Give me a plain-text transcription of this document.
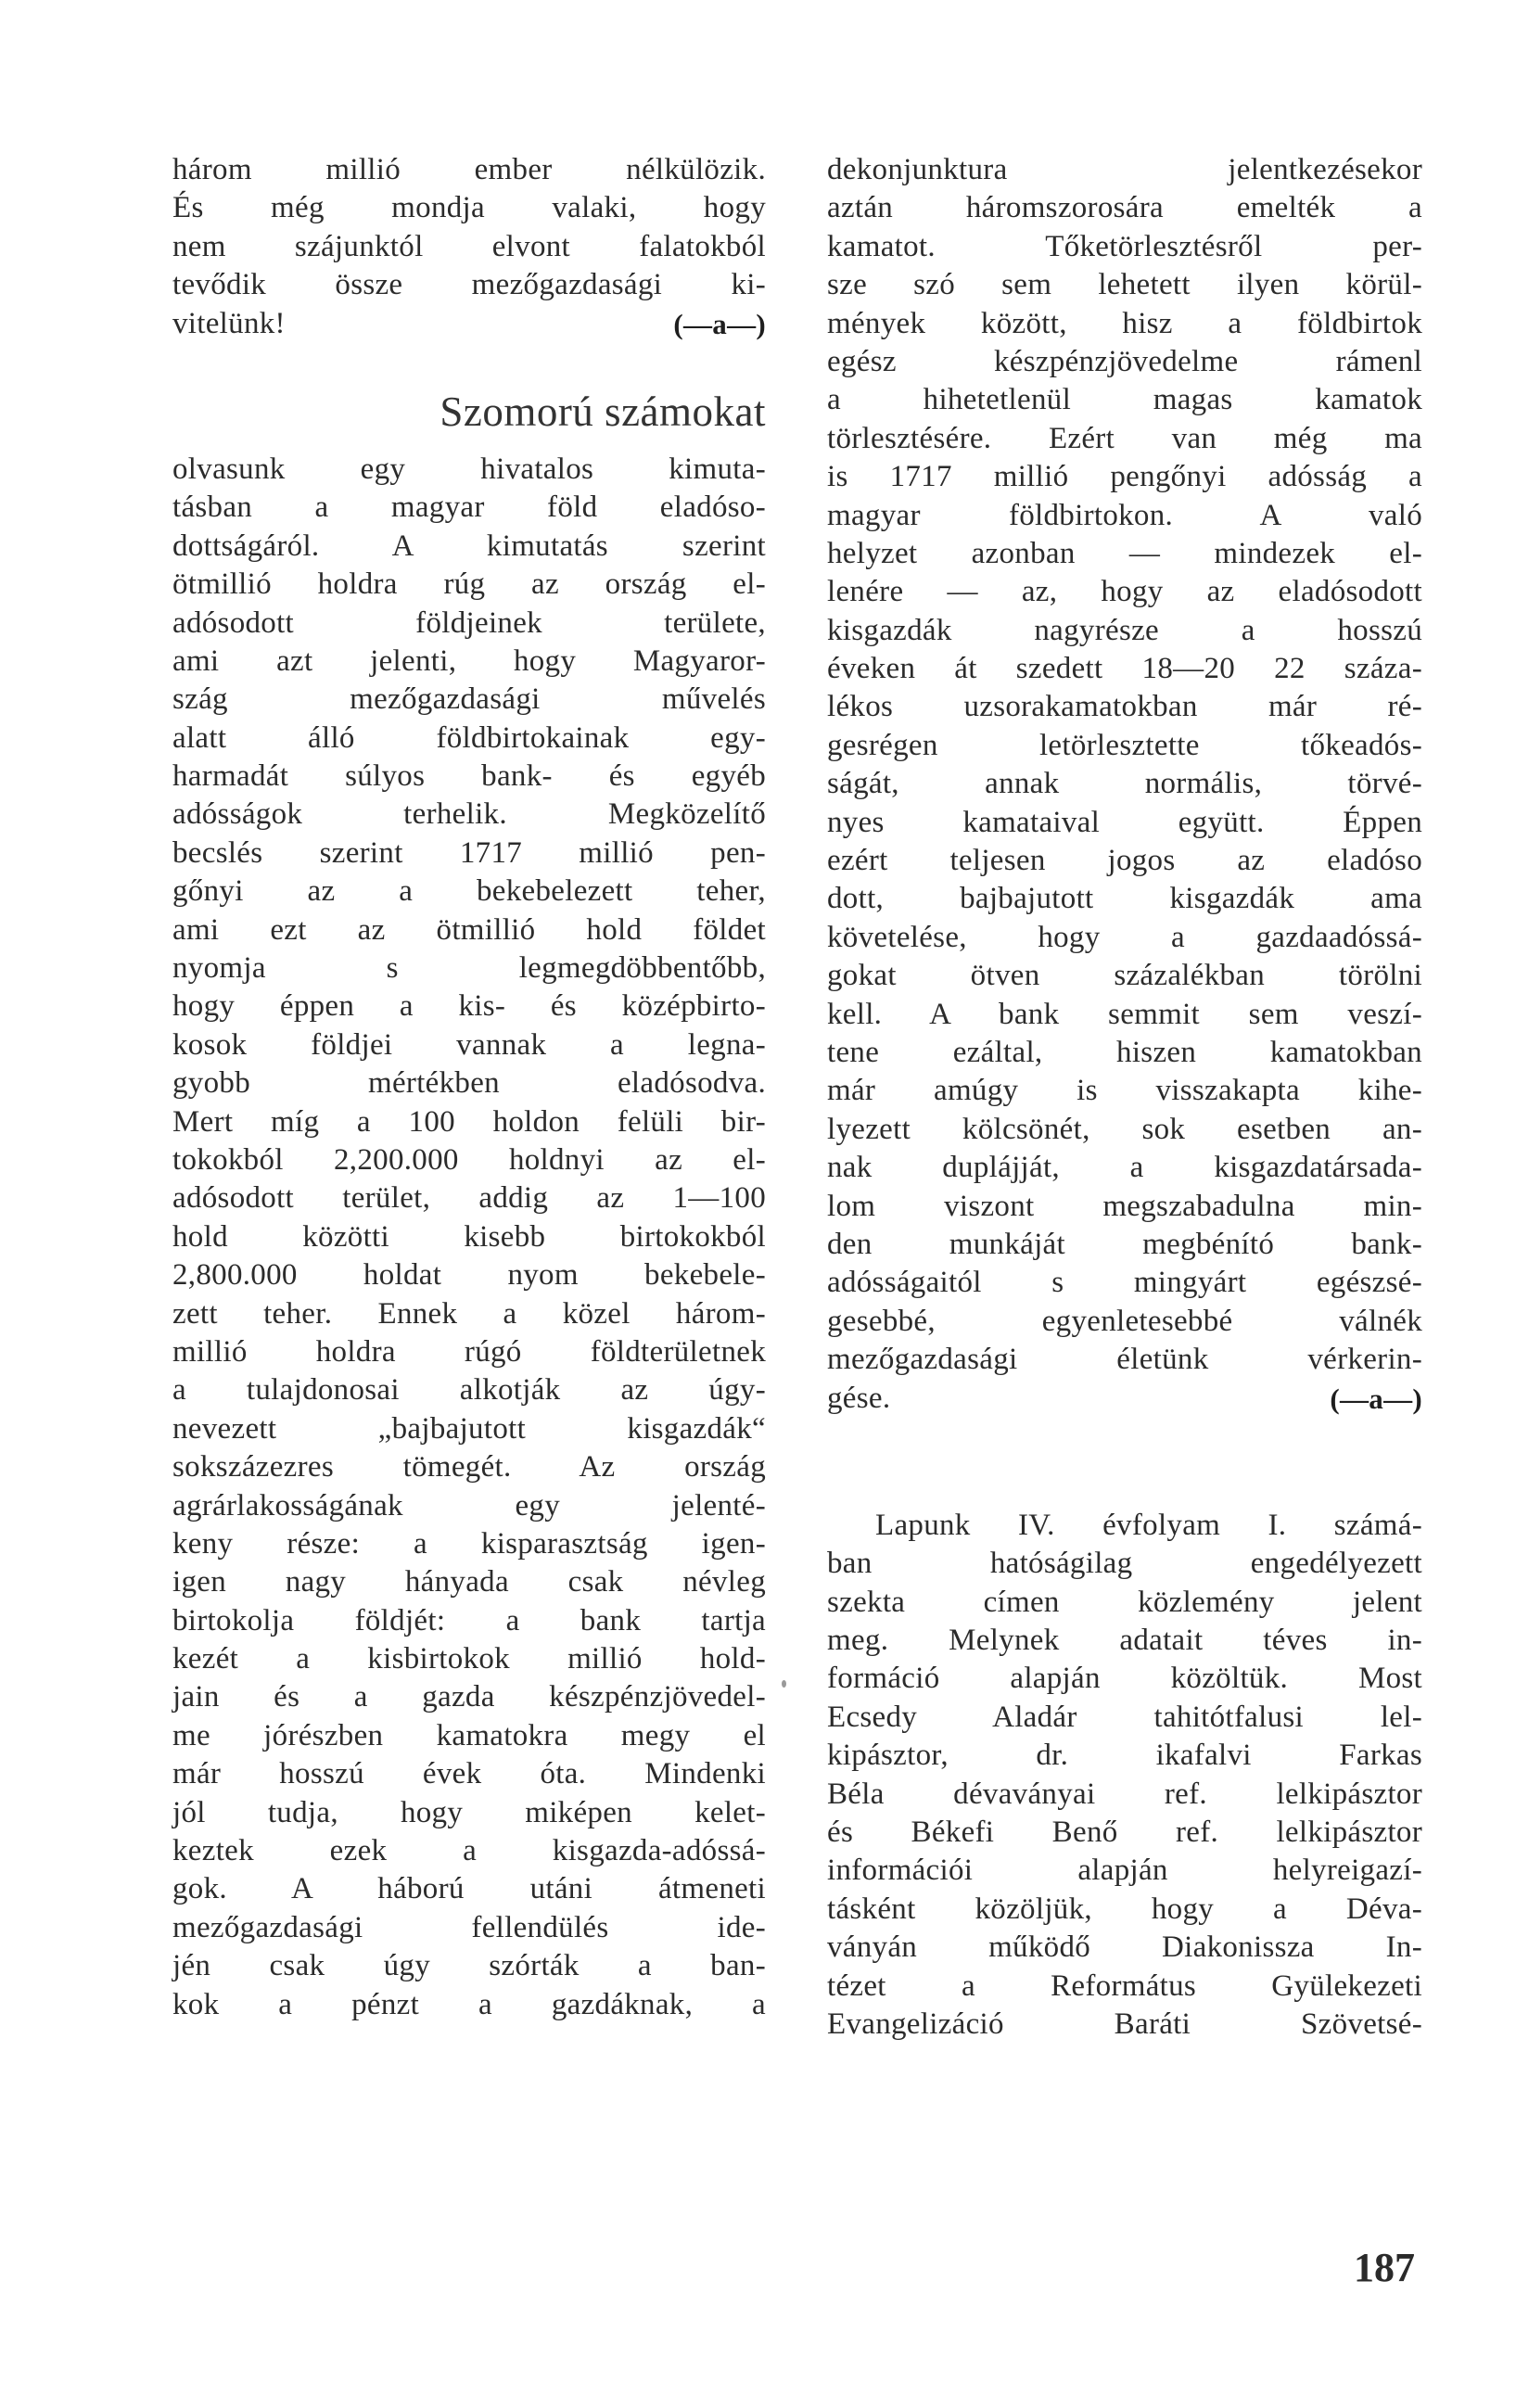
három millió ember nélkülözik.
És még mondja valaki, hogy
nem szájunktól elvont falatokból
tevődik össze mezőgazdasági ki-
vitelünk!	(—a—)
Szomorú számokat
olvasunk egy hivatalos kimuta-
tásban a magyar föld eladóso-
dottságáról. A kimutatás szerint
ötmillió holdra rúg az ország el-
adósodott földjeinek területe,
ami azt jelenti, hogy Magyaror-
szág mezőgazdasági művelés
alatt álló földbirtokainak egy-
harmadát súlyos bank- és egyéb
adósságok terhelik. Megközelítő
becslés szerint 1717 millió pen-
gőnyi az a bekebelezett teher,
ami ezt az ötmillió hold földet
nyomja s legmegdöbbentőbb,
hogy éppen a kis- és középbirto-
kosok földjei vannak a legna-
gyobb mértékben eladósodva.
Mert míg a 100 holdon felüli bir-
tokokból 2,200.000 holdnyi az el-
adósodott terület, addig az 1—100
hold közötti kisebb birtokokból
2,800.000 holdat nyom bekebele-
zett teher. Ennek a közel három-
millió holdra rúgó földterületnek
a tulajdonosai alkotják az úgy-
nevezett „bajbajutott kisgazdák“
sokszázezres tömegét. Az ország
agrárlakosságának egy jelenté-
keny része: a kisparasztság igen-
igen nagy hányada csak névleg
birtokolja földjét: a bank tartja
kezét a kisbirtokok millió hold-
jain és a gazda készpénzjövedel-
me jórészben kamatokra megy el
már hosszú évek óta. Mindenki
jól tudja, hogy miképen kelet-
keztek ezek a kisgazda-adóssá-
gok. A háború utáni átmeneti
mezőgazdasági fellendülés ide-
jén csak úgy szórták a ban-
kok a pénzt a gazdáknak, a
dekonjunktura jelentkezésekor
aztán háromszorosára emelték a
kamatot. Tőketörlesztésről per-
sze szó sem lehetett ilyen körül-
mények között, hisz a földbirtok
egész készpénzjövedelme rámenl
a hihetetlenül magas kamatok
törlesztésére. Ezért van még ma
is 1717 millió pengőnyi adósság a
magyar földbirtokon. A való
helyzet azonban — mindezek el-
lenére — az, hogy az eladósodott
kisgazdák nagyrésze a hosszú
éveken át szedett 18—20 22 száza-
lékos uzsorakamatokban már ré-
gesrégen letörlesztette tőkeadós-
ságát, annak normális, törvé-
nyes kamataival együtt. Éppen
ezért teljesen jogos az eladóso
dott, bajbajutott kisgazdák ama
követelése, hogy a gazdaadóssá-
gokat ötven százalékban törölni
kell. A bank semmit sem veszí-
tene ezáltal, hiszen kamatokban
már amúgy is visszakapta kihe-
lyezett kölcsönét, sok esetben an-
nak duplájját, a kisgazdatársada-
lom viszont megszabadulna min-
den munkáját megbénító bank-
adósságaitól s mingyárt egészsé-
gesebbé, egyenletesebbé válnék
mezőgazdasági életünk vérkerin-
gése.	(—a—)
Lapunk IV. évfolyam I. számá-
ban hatóságilag engedélyezett
szekta címen közlemény jelent
meg. Melynek adatait téves in-
formáció alapján közöltük. Most
Ecsedy Aladár tahitótfalusi lel-
kipásztor, dr. ikafalvi Farkas
Béla dévaványai ref. lelkipásztor
és Békefi Benő ref. lelkipásztor
információi alapján helyreigazí-
tásként közöljük, hogy a Déva-
ványán működő Diakonissza In-
tézet a Református Gyülekezeti
Evangelizáció Baráti Szövetsé-
187
